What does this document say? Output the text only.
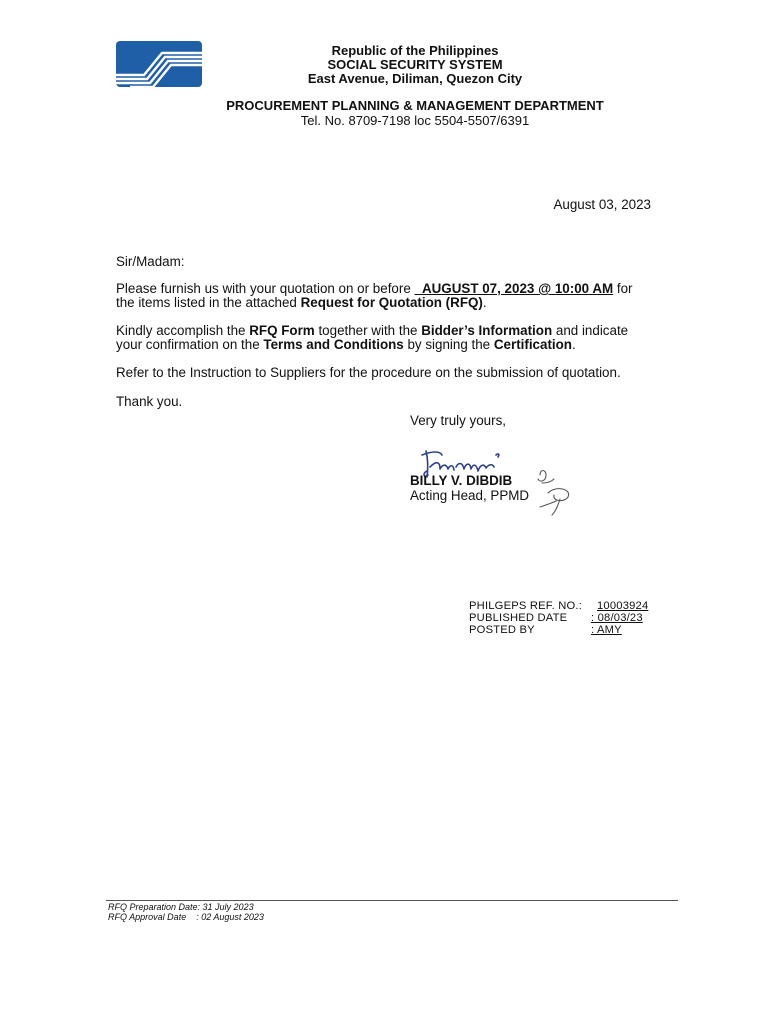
Republic of the Philippines
SOCIAL SECURITY SYSTEM
East Avenue, Diliman, Quezon City
PROCUREMENT PLANNING & MANAGEMENT DEPARTMENT
Tel. No. 8709-7198 loc 5504-5507/6391
August 03, 2023
Sir/Madam:
Please furnish us with your quotation on or before AUGUST 07, 2023 @ 10:00 AM for
the items listed in the attached Request for Quotation (RFQ).
Kindly accomplish the RFQ Form together with the Bidder’s Information and indicate
your confirmation on the Terms and Conditions by signing the Certification.
Refer to the Instruction to Suppliers for the procedure on the submission of quotation.
Thank you.
Very truly yours,
BILLY V. DIBDIB
Acting Head, PPMD
PHILGEPS REF. NO.: 10003924
PUBLISHED DATE : 08/03/23
POSTED BY	: AMY
RFQ Preparation Date: 31 July 2023
RFQ Approval Date    : 02 August 2023
